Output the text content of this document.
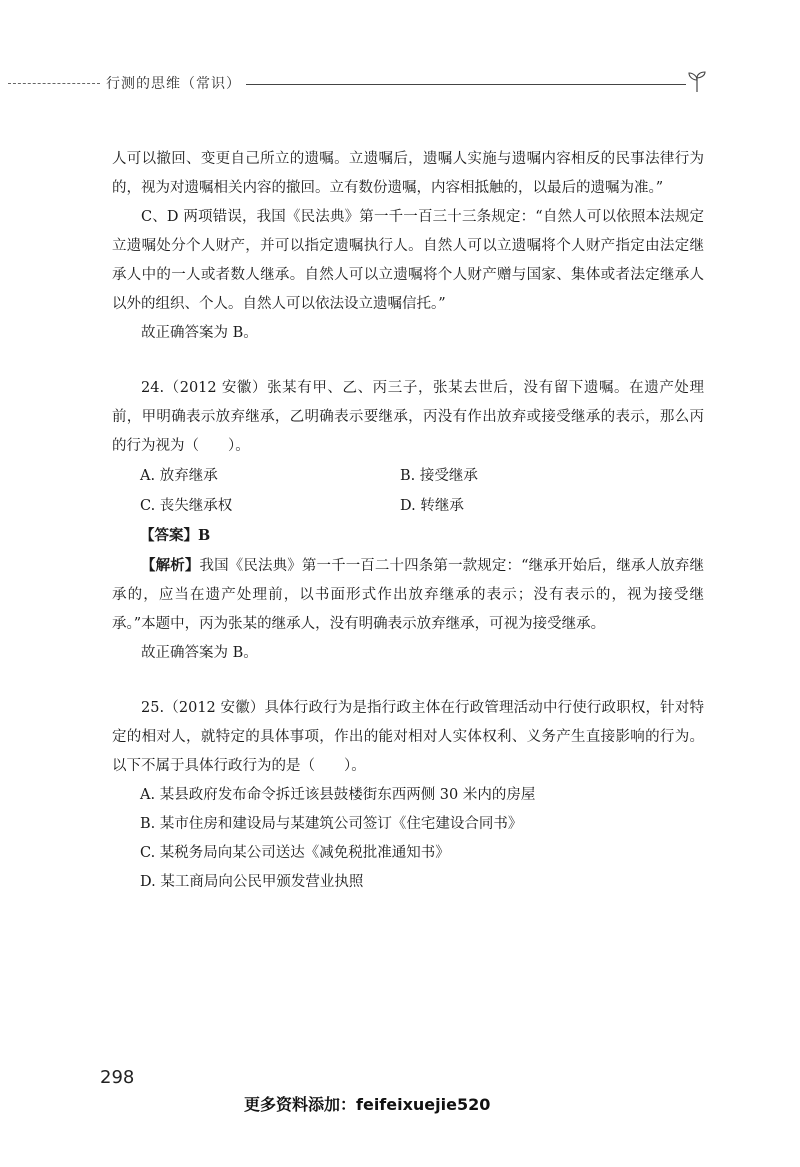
行测的思维（常识）

人可以撤回、变更自己所立的遗嘱。立遗嘱后，遗嘱人实施与遗嘱内容相反的民事法律行为的，视为对遗嘱相关内容的撤回。立有数份遗嘱，内容相抵触的，以最后的遗嘱为准。”

C、D 两项错误，我国《民法典》第一千一百三十三条规定：“自然人可以依照本法规定立遗嘱处分个人财产，并可以指定遗嘱执行人。自然人可以立遗嘱将个人财产指定由法定继承人中的一人或者数人继承。自然人可以立遗嘱将个人财产赠与国家、集体或者法定继承人以外的组织、个人。自然人可以依法设立遗嘱信托。”

故正确答案为 B。

24.（2012 安徽）张某有甲、乙、丙三子，张某去世后，没有留下遗嘱。在遗产处理前，甲明确表示放弃继承，乙明确表示要继承，丙没有作出放弃或接受继承的表示，那么丙的行为视为（　　）。

A. 放弃继承	B. 接受继承
C. 丧失继承权	D. 转继承
【答案】B

【解析】我国《民法典》第一千一百二十四条第一款规定：“继承开始后，继承人放弃继承的，应当在遗产处理前，以书面形式作出放弃继承的表示；没有表示的，视为接受继承。”本题中，丙为张某的继承人，没有明确表示放弃继承，可视为接受继承。

故正确答案为 B。

25.（2012 安徽）具体行政行为是指行政主体在行政管理活动中行使行政职权，针对特定的相对人，就特定的具体事项，作出的能对相对人实体权利、义务产生直接影响的行为。以下不属于具体行政行为的是（　　）。

A. 某县政府发布命令拆迁该县鼓楼街东西两侧 30 米内的房屋
B. 某市住房和建设局与某建筑公司签订《住宅建设合同书》
C. 某税务局向某公司送达《减免税批准通知书》
D. 某工商局向公民甲颁发营业执照
298
更多资料添加：feifeixuejie520
